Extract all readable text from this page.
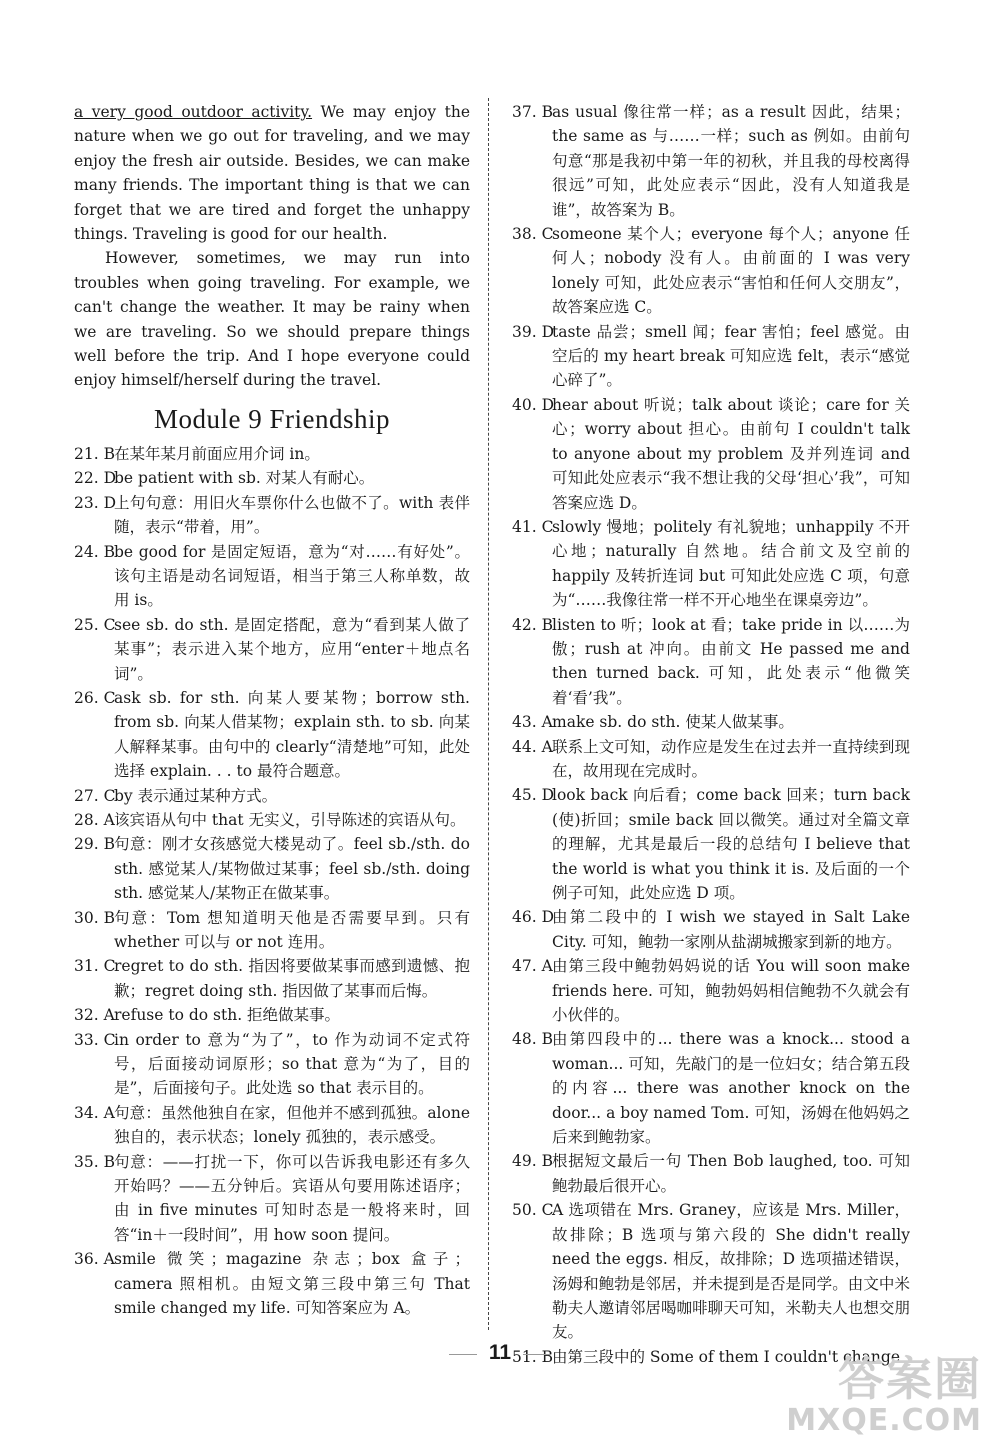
a very good outdoor activity. We may enjoy the nature when we go out for traveling, and we may enjoy the fresh air outside. Besides, we can make many friends. The important thing is that we can forget that we are tired and forget the unhappy things. Traveling is good for our health.

However, sometimes, we may run into troubles when going traveling. For example, we can't change the weather. It may be rainy when we are traveling. So we should prepare things well before the trip. And I hope everyone could enjoy himself/herself during the travel.

Module 9 Friendship
21. B 在某年某月前面应用介词 in。
22. D
be patient with sb. 对某人有耐心。
23. D
上句句意：用旧火车票你什么也做不了。with 表伴随，表示“带着，用”。
24. B be good for 是固定短语，意为“对……有好处”。该句主语是动名词短语，相当于第三人称单数，故用 is。
25. C
see sb. do sth. 是固定搭配，意为“看到某人做了某事”；表示进入某个地方，应用“enter＋地点名词”。
26. C
ask sb. for sth. 向某人要某物；borrow sth. from sb. 向某人借某物；explain sth. to sb. 向某人解释某事。由句中的 clearly“清楚地”可知，此处选择 explain. . . to 最符合题意。
27. C
by 表示通过某种方式。
28. A 该宾语从句中 that 无实义，引导陈述的宾语从句。
29. B 句意：刚才女孩感觉大楼晃动了。feel sb./sth. do sth. 感觉某人/某物做过某事；feel sb./sth. doing sth. 感觉某人/某物正在做某事。
30. B 句意：Tom 想知道明天他是否需要早到。只有 whether 可以与 or not 连用。
31. C
regret to do sth. 指因将要做某事而感到遗憾、抱歉；regret doing sth. 指因做了某事而后悔。
32. A refuse to do sth. 拒绝做某事。
33. C
in order to 意为“为了”，to 作为动词不定式符号，后面接动词原形；so that 意为“为了，目的是”，后面接句子。此处选 so that 表示目的。
34. A 句意：虽然他独自在家，但他并不感到孤独。alone 独自的，表示状态；lonely 孤独的，表示感受。
35. B 句意：——打扰一下，你可以告诉我电影还有多久开始吗？——五分钟后。宾语从句要用陈述语序；由 in five minutes 可知时态是一般将来时，回答“in＋一段时间”，用 how soon 提问。
36. A smile 微笑；magazine 杂志；box 盒子；camera 照相机。由短文第三段中第三句 That smile changed my life. 可知答案应为 A。
37. B as usual 像往常一样；as a result 因此，结果；the same as 与……一样；such as 例如。由前句句意“那是我初中第一年的初秋，并且我的母校离得很远”可知，此处应表示“因此，没有人知道我是谁”，故答案为 B。
38. C
someone 某个人；everyone 每个人；anyone 任何人；nobody 没有人。由前面的 I was very lonely 可知，此处应表示“害怕和任何人交朋友”，故答案应选 C。
39. D
taste 品尝；smell 闻；fear 害怕；feel 感觉。由空后的 my heart break 可知应选 felt，表示“感觉心碎了”。
40. D
hear about 听说；talk about 谈论；care for 关心；worry about 担心。由前句 I couldn't talk to anyone about my problem 及并列连词 and 可知此处应表示“我不想让我的父母‘担心’我”，可知答案应选 D。
41. C
slowly 慢地；politely 有礼貌地；unhappily 不开心地；naturally 自然地。结合前文及空前的 happily 及转折连词 but 可知此处应选 C 项，句意为“……我像往常一样不开心地坐在课桌旁边”。
42. B listen to 听；look at 看；take pride in 以……为傲；rush at 冲向。由前文 He passed me and then turned back. 可知，此处表示“他微笑着‘看’我”。
43. A make sb. do sth. 使某人做某事。
44. A 联系上文可知，动作应是发生在过去并一直持续到现在，故用现在完成时。
45. D
look back 向后看；come back 回来；turn back (使)折回；smile back 回以微笑。通过对全篇文章的理解，尤其是最后一段的总结句 I believe that the world is what you think it is. 及后面的一个例子可知，此处应选 D 项。
46. D
由第二段中的 I wish we stayed in Salt Lake City. 可知，鲍勃一家刚从盐湖城搬家到新的地方。
47. A 由第三段中鲍勃妈妈说的话 You will soon make friends here. 可知，鲍勃妈妈相信鲍勃不久就会有小伙伴的。
48. B 由第四段中的... there was a knock... stood a woman... 可知，先敲门的是一位妇女；结合第五段的内容... there was another knock on the door... a boy named Tom. 可知，汤姆在他妈妈之后来到鲍勃家。
49. B 根据短文最后一句 Then Bob laughed, too. 可知鲍勃最后很开心。
50. C
A 选项错在 Mrs. Graney，应该是 Mrs. Miller，故排除；B 选项与第六段的 She didn't really need the eggs. 相反，故排除；D 选项描述错误，汤姆和鲍勃是邻居，并未提到是否是同学。由文中米勒夫人邀请邻居喝咖啡聊天可知，米勒夫人也想交朋友。
51. B 由第三段中的 Some of them I couldn't change
11	答案圈
MXQE.COM
